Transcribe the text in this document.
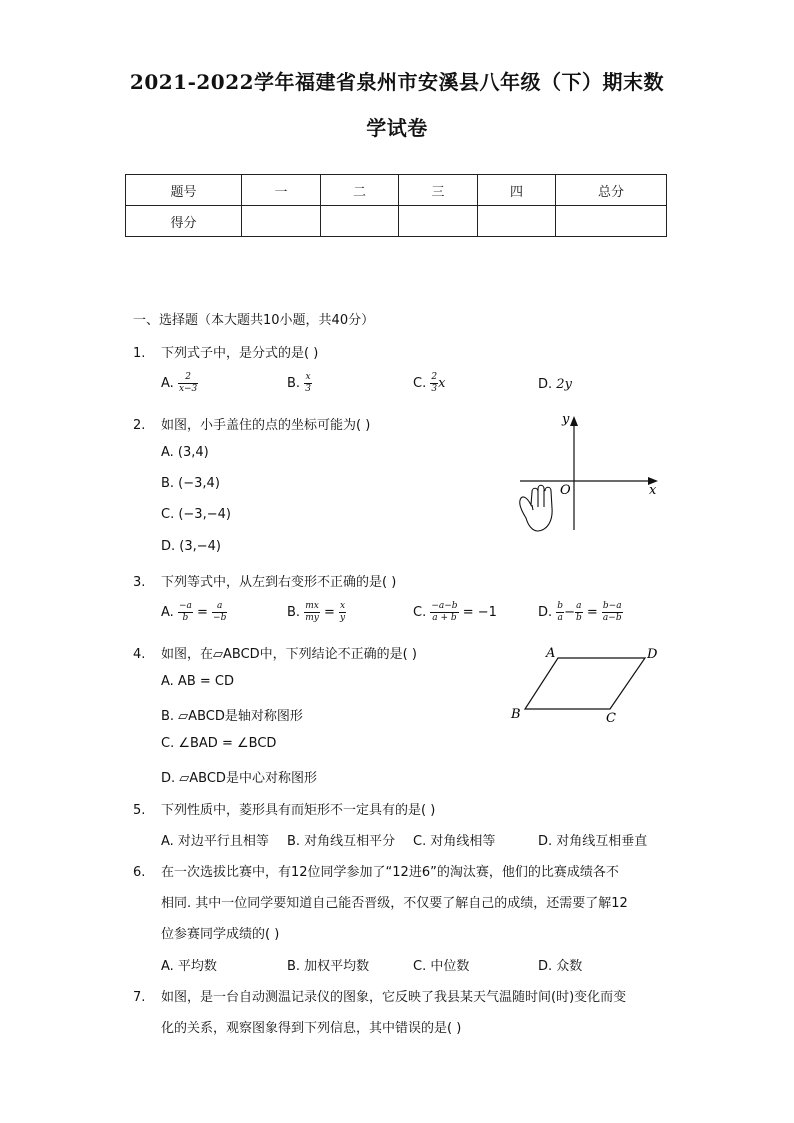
2021-2022学年福建省泉州市安溪县八年级（下）期末数
学试卷
题号	一	二	三	四	总分
得分					
一、选择题（本大题共10小题，共40分）
1. 下列式子中，是分式的是( )
A. $\frac{2}{x-3}$	B. $\frac{x}{3}$	C. $\frac{2}{3}$ x	D. 2y
2. 如图，小手盖住的点的坐标可能为( )
A. (3,4)
B. (−3,4)
C. (−3,−4)
D. (3,−4)
y
x
O
3. 下列等式中，从左到右变形不正确的是( )
A. $\frac{-a}{b} = \frac{a}{-b}$	B. $\frac{mx}{my} = \frac{x}{y}$	C. $\frac{-a-b}{a + b} = -1$	D. $\frac{b}{a} - \frac{a}{b} = \frac{b-a}{a-b}$
4. 如图，在▱ABCD中，下列结论不正确的是( )
A. AB = CD
B. ▱ABCD是轴对称图形
C. ∠BAD = ∠BCD
D. ▱ABCD是中心对称图形
A	D
B	C
5. 下列性质中，菱形具有而矩形不一定具有的是( )
A. 对边平行且相等 B. 对角线互相平分 C. 对角线相等	D. 对角线互相垂直
6. 在一次选拔比赛中，有12位同学参加了“12进6”的淘汰赛，他们的比赛成绩各不
相同. 其中一位同学要知道自己能否晋级，不仅要了解自己的成绩，还需要了解12
位参赛同学成绩的( )
A. 平均数	B. 加权平均数	C. 中位数	D. 众数
7. 如图，是一台自动测温记录仪的图象，它反映了我县某天气温随时间(时)变化而变
化的关系，观察图象得到下列信息，其中错误的是( )
